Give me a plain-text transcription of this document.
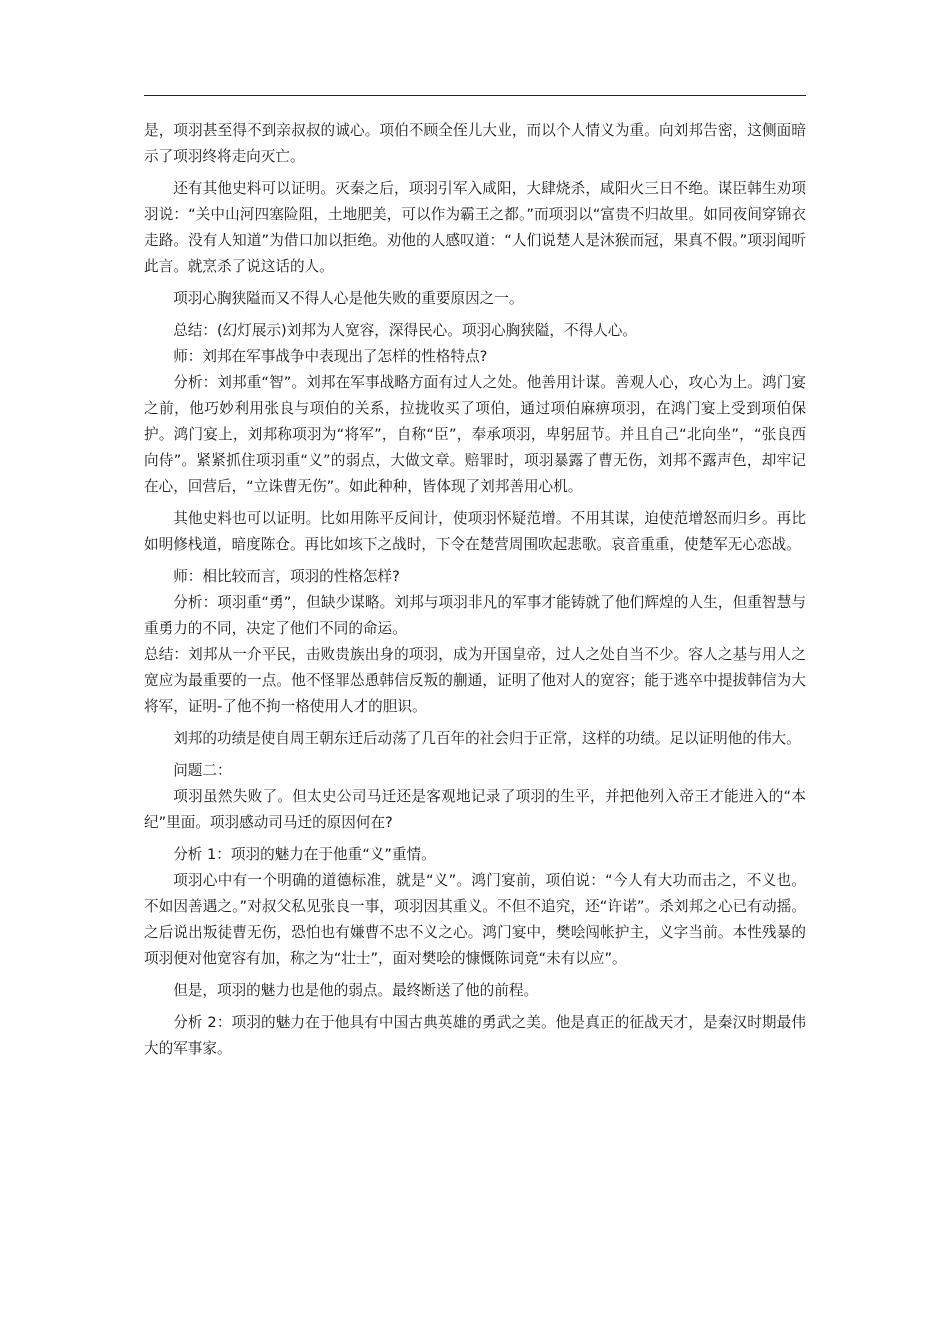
是，项羽甚至得不到亲叔叔的诚心。项伯不顾全侄儿大业，而以个人情义为重。向刘邦告密，这侧面暗示了项羽终将走向灭亡。

还有其他史料可以证明。灭秦之后，项羽引军入咸阳，大肆烧杀，咸阳火三日不绝。谋臣韩生劝项羽说：“关中山河四塞险阻，土地肥美，可以作为霸王之都。”而项羽以“富贵不归故里。如同夜间穿锦衣走路。没有人知道”为借口加以拒绝。劝他的人感叹道：“人们说楚人是沐猴而冠，果真不假。”项羽闻听此言。就烹杀了说这话的人。

项羽心胸狭隘而又不得人心是他失败的重要原因之一。

总结：(幻灯展示)刘邦为人宽容，深得民心。项羽心胸狭隘，不得人心。

师：刘邦在军事战争中表现出了怎样的性格特点?

分析：刘邦重“智”。刘邦在军事战略方面有过人之处。他善用计谋。善观人心，攻心为上。鸿门宴之前，他巧妙利用张良与项伯的关系，拉拢收买了项伯，通过项伯麻痹项羽，在鸿门宴上受到项伯保护。鸿门宴上，刘邦称项羽为“将军”，自称“臣”，奉承项羽，卑躬屈节。并且自己“北向坐”，“张良西向侍”。紧紧抓住项羽重“义”的弱点，大做文章。赔罪时，项羽暴露了曹无伤，刘邦不露声色，却牢记在心，回营后，“立诛曹无伤”。如此种种，皆体现了刘邦善用心机。

其他史料也可以证明。比如用陈平反间计，使项羽怀疑范增。不用其谋，迫使范增怒而归乡。再比如明修栈道，暗度陈仓。再比如垓下之战时，下令在楚营周围吹起悲歌。哀音重重，使楚军无心恋战。

师：相比较而言，项羽的性格怎样?

分析：项羽重“勇”，但缺少谋略。刘邦与项羽非凡的军事才能铸就了他们辉煌的人生，但重智慧与重勇力的不同，决定了他们不同的命运。

总结：刘邦从一介平民，击败贵族出身的项羽，成为开国皇帝，过人之处自当不少。容人之基与用人之宽应为最重要的一点。他不怪罪怂恿韩信反叛的蒯通，证明了他对人的宽容；能于逃卒中提拔韩信为大将军，证明-了他不拘一格使用人才的胆识。

刘邦的功绩是使自周王朝东迁后动荡了几百年的社会归于正常，这样的功绩。足以证明他的伟大。

问题二：

项羽虽然失败了。但太史公司马迁还是客观地记录了项羽的生平，并把他列入帝王才能进入的“本纪”里面。项羽感动司马迁的原因何在?

分析 1：项羽的魅力在于他重“义”重情。

项羽心中有一个明确的道德标准，就是“义”。鸿门宴前，项伯说：“今人有大功而击之，不义也。不如因善遇之。”对叔父私见张良一事，项羽因其重义。不但不追究，还“许诺”。杀刘邦之心已有动摇。之后说出叛徒曹无伤，恐怕也有嫌曹不忠不义之心。鸿门宴中，樊哙闯帐护主，义字当前。本性残暴的项羽便对他宽容有加，称之为“壮士”，面对樊哙的慷慨陈词竟“未有以应”。

但是，项羽的魅力也是他的弱点。最终断送了他的前程。

分析 2：项羽的魅力在于他具有中国古典英雄的勇武之美。他是真正的征战天才，是秦汉时期最伟大的军事家。
